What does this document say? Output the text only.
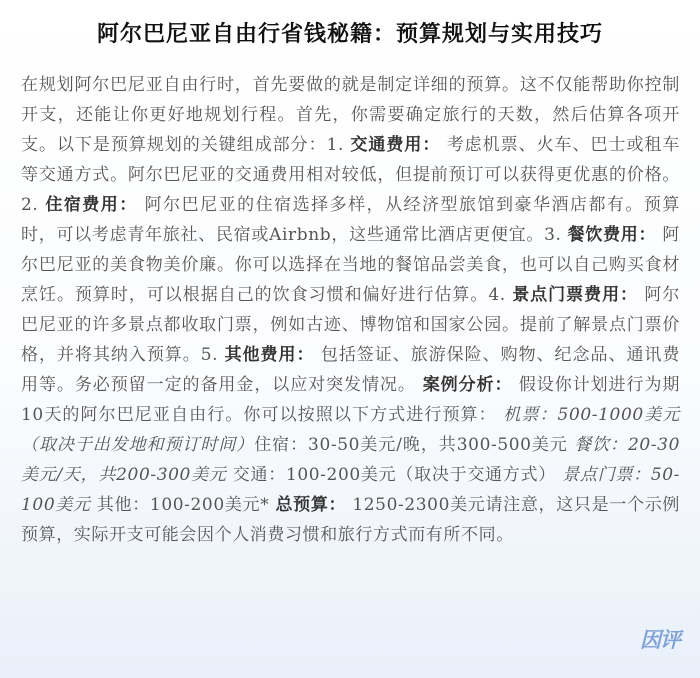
阿尔巴尼亚自由行省钱秘籍：预算规划与实用技巧

在规划阿尔巴尼亚自由行时，首先要做的就是制定详细的预算。这不仅能帮助你控制开支，还能让你更好地规划行程。首先，你需要确定旅行的天数，然后估算各项开支。以下是预算规划的关键组成部分：1. 交通费用： 考虑机票、火车、巴士或租车等交通方式。阿尔巴尼亚的交通费用相对较低，但提前预订可以获得更优惠的价格。2. 住宿费用： 阿尔巴尼亚的住宿选择多样，从经济型旅馆到豪华酒店都有。预算时，可以考虑青年旅社、民宿或Airbnb，这些通常比酒店更便宜。3. 餐饮费用： 阿尔巴尼亚的美食物美价廉。你可以选择在当地的餐馆品尝美食，也可以自己购买食材烹饪。预算时，可以根据自己的饮食习惯和偏好进行估算。4. 景点门票费用： 阿尔巴尼亚的许多景点都收取门票，例如古迹、博物馆和国家公园。提前了解景点门票价格，并将其纳入预算。5. 其他费用： 包括签证、旅游保险、购物、纪念品、通讯费用等。务必预留一定的备用金，以应对突发情况。 案例分析： 假设你计划进行为期10天的阿尔巴尼亚自由行。你可以按照以下方式进行预算： 机票：500-1000美元（取决于出发地和预订时间）住宿：30-50美元/晚，共300-500美元 餐饮：20-30美元/天，共200-300美元 交通：100-200美元（取决于交通方式） 景点门票：50-100美元 其他：100-200美元* 总预算： 1250-2300美元请注意，这只是一个示例预算，实际开支可能会因个人消费习惯和旅行方式而有所不同。

因评
